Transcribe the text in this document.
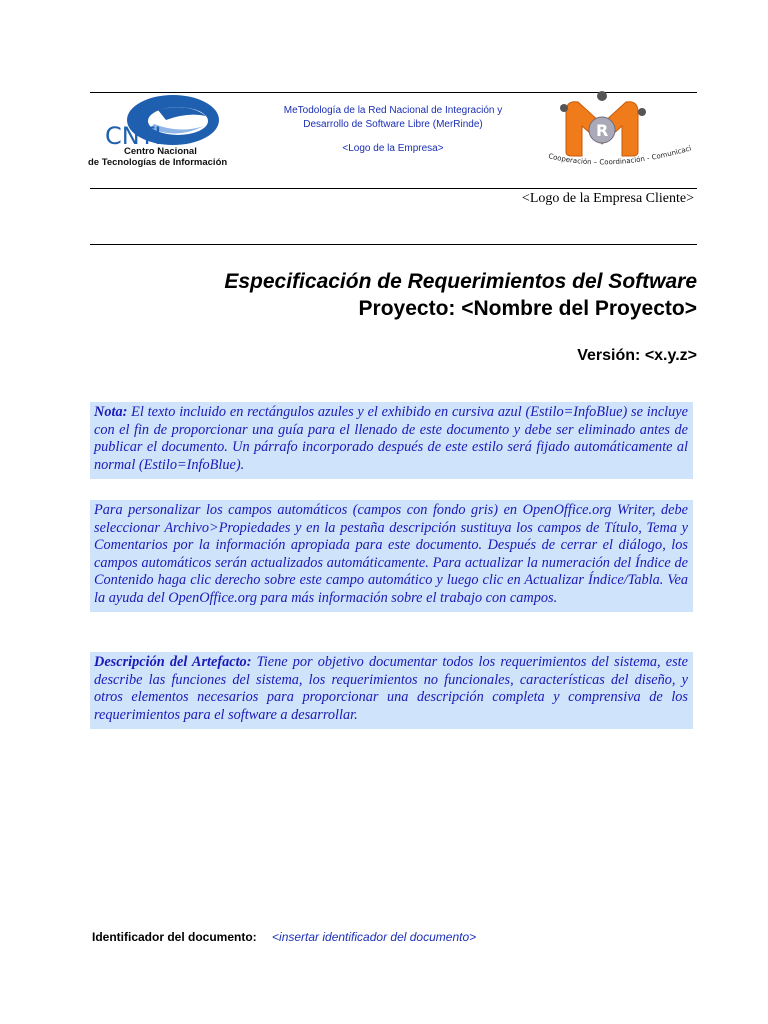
CNTI
Centro Nacional
de Tecnologías de Información
MeTodología de la Red Nacional de Integración y
Desarrollo de Software Libre (MerRinde)
<Logo de la Empresa>
R
Cooperación – Coordinación - Comunicaci
<Logo de la Empresa Cliente>
Especificación de Requerimientos del Software
Proyecto: <Nombre del Proyecto>
Versión: <x.y.z>
Nota: El texto incluido en rectángulos azules y el exhibido en cursiva azul (Estilo=InfoBlue) se incluye con el fin de proporcionar una guía para el llenado de este documento y debe ser eliminado antes de publicar el documento. Un párrafo incorporado después de este estilo será fijado automáticamente al normal (Estilo=InfoBlue).
Para personalizar los campos automáticos (campos con fondo gris) en OpenOffice.org Writer, debe seleccionar Archivo>Propiedades y en la pestaña descripción sustituya los campos de Título, Tema y Comentarios por la información apropiada para este documento. Después de cerrar el diálogo, los campos automáticos serán actualizados automáticamente. Para actualizar la numeración del Índice de Contenido haga clic derecho sobre este campo automático y luego clic en Actualizar Índice/Tabla. Vea la ayuda del OpenOffice.org para más información sobre el trabajo con campos.
Descripción del Artefacto: Tiene por objetivo documentar todos los requerimientos del sistema, este describe las funciones del sistema, los requerimientos no funcionales, características del diseño, y otros elementos necesarios para proporcionar una descripción completa y comprensiva de los requerimientos para el software a desarrollar.
Identificador del documento: <insertar identificador del documento>
